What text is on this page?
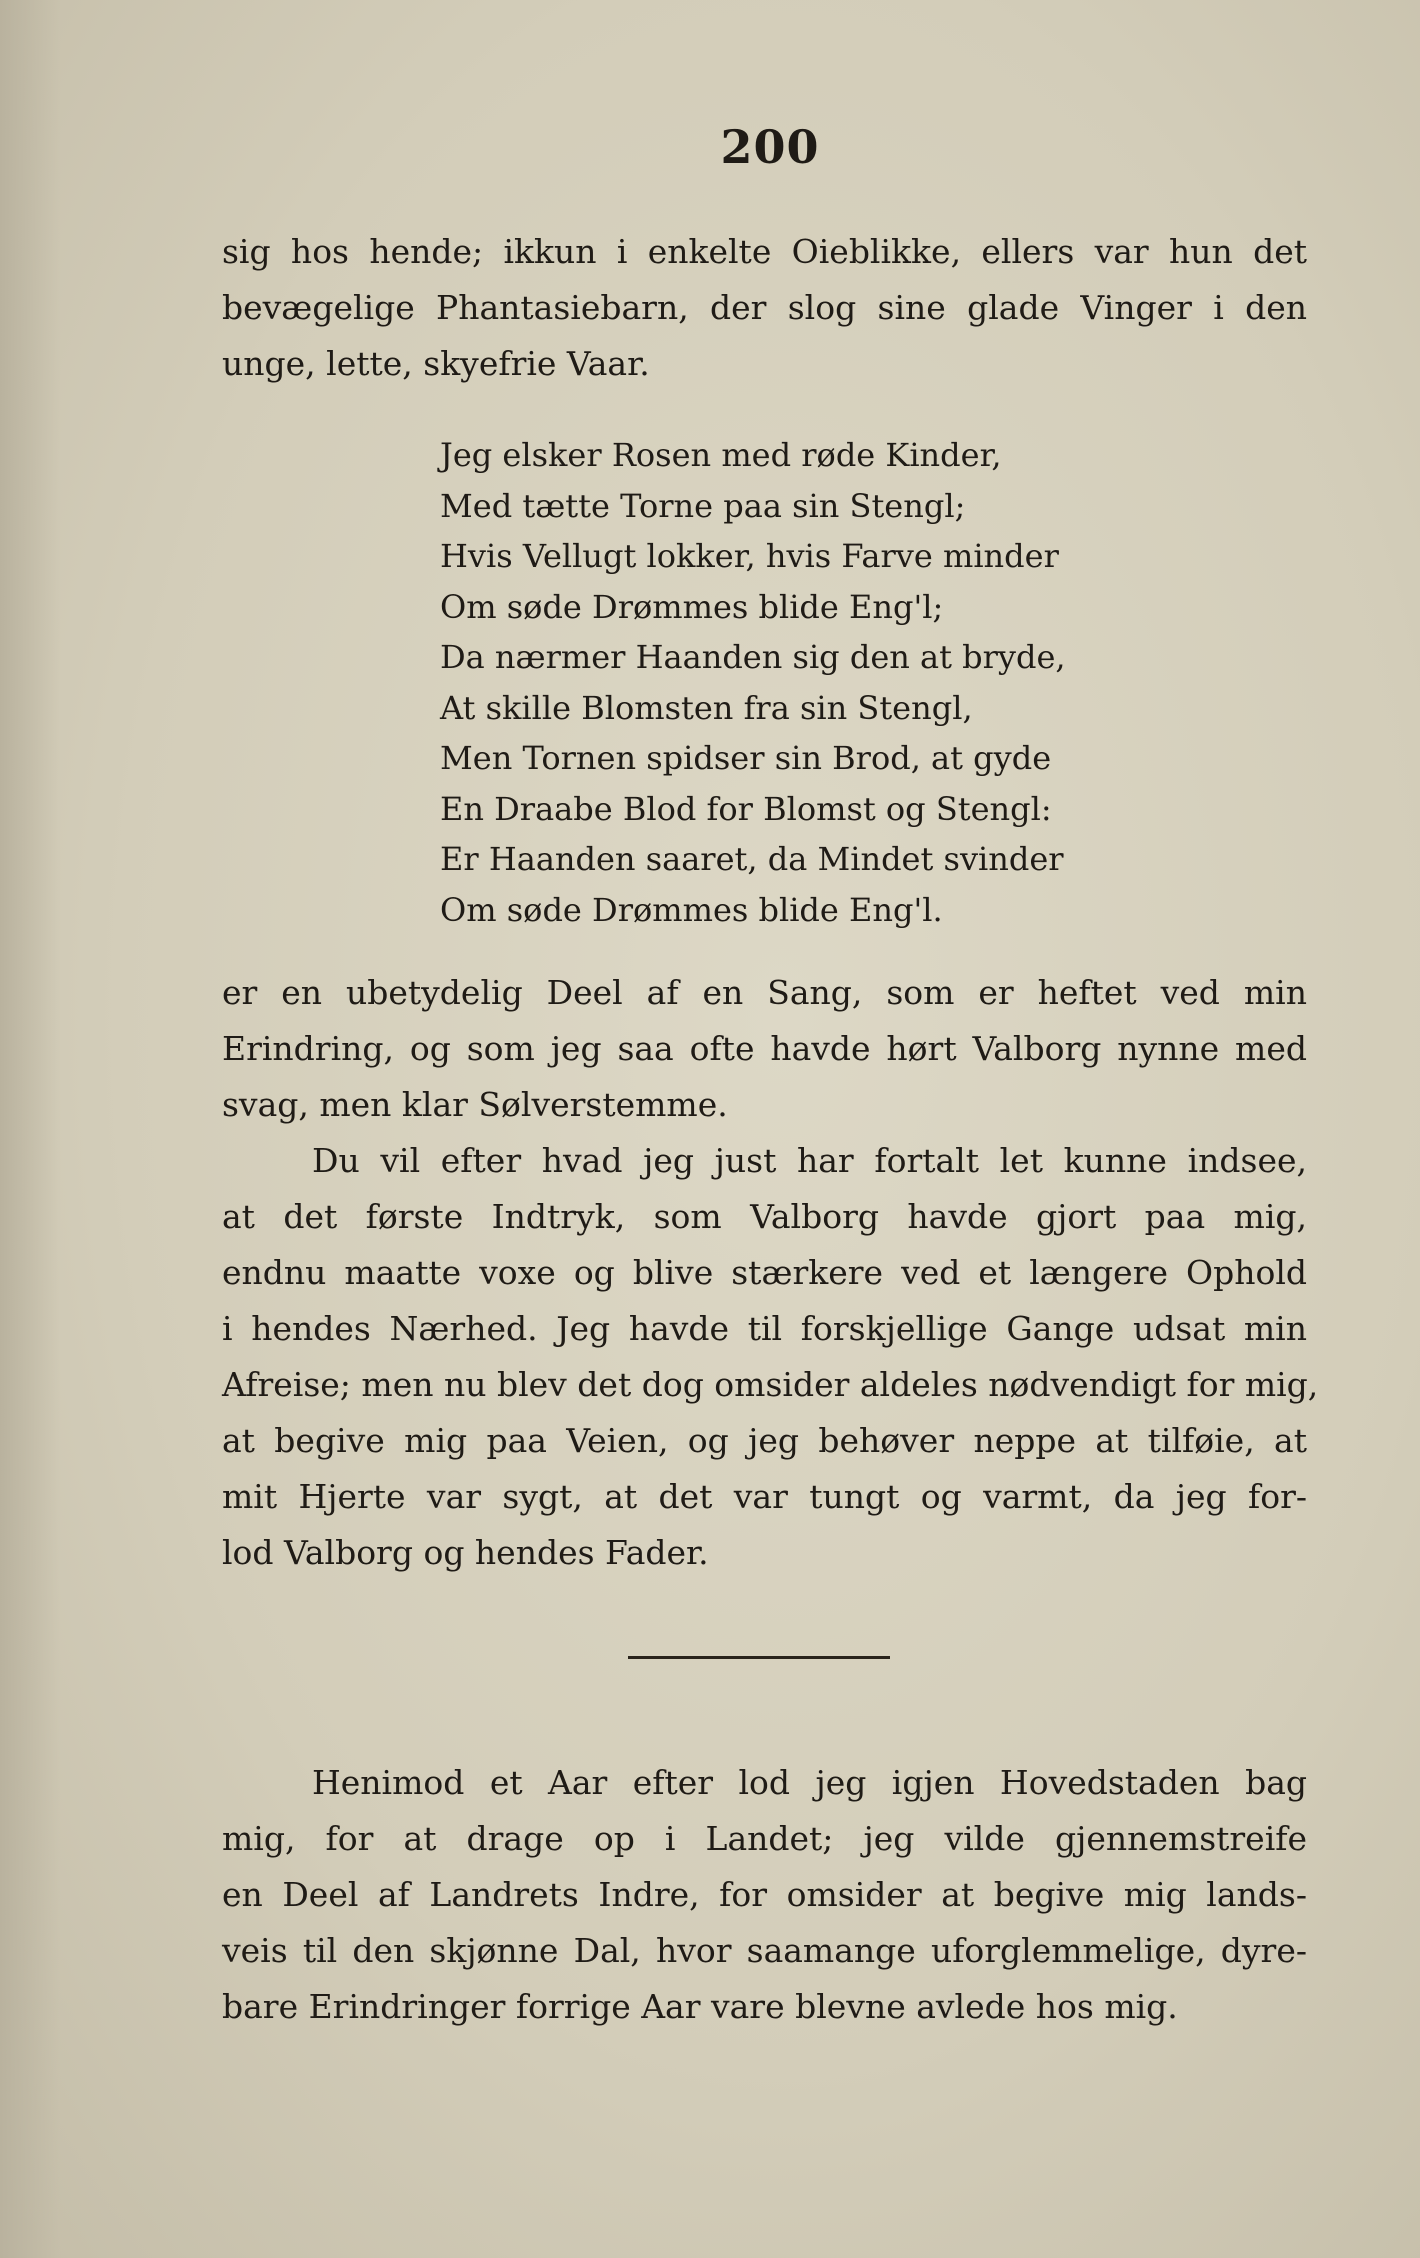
200
sig hos hende; ikkun i enkelte Oieblikke, ellers var hun det
bevægelige Phantasiebarn, der slog sine glade Vinger i den
unge, lette, skyefrie Vaar.
Jeg elsker Rosen med røde Kinder,
Med tætte Torne paa sin Stengl;
Hvis Vellugt lokker, hvis Farve minder
Om søde Drømmes blide Eng'l;
Da nærmer Haanden sig den at bryde,
At skille Blomsten fra sin Stengl,
Men Tornen spidser sin Brod, at gyde
En Draabe Blod for Blomst og Stengl:
Er Haanden saaret, da Mindet svinder
Om søde Drømmes blide Eng'l.
er en ubetydelig Deel af en Sang, som er heftet ved min
Erindring, og som jeg saa ofte havde hørt Valborg nynne med
svag, men klar Sølverstemme.
Du vil efter hvad jeg just har fortalt let kunne indsee,
at det første Indtryk, som Valborg havde gjort paa mig,
endnu maatte voxe og blive stærkere ved et længere Ophold
i hendes Nærhed. Jeg havde til forskjellige Gange udsat min
Afreise; men nu blev det dog omsider aldeles nødvendigt for mig,
at begive mig paa Veien, og jeg behøver neppe at tilføie, at
mit Hjerte var sygt, at det var tungt og varmt, da jeg for-
lod Valborg og hendes Fader.
Henimod et Aar efter lod jeg igjen Hovedstaden bag
mig, for at drage op i Landet; jeg vilde gjennemstreife
en Deel af Landrets Indre, for omsider at begive mig lands-
veis til den skjønne Dal, hvor saamange uforglemmelige, dyre-
bare Erindringer forrige Aar vare blevne avlede hos mig.
